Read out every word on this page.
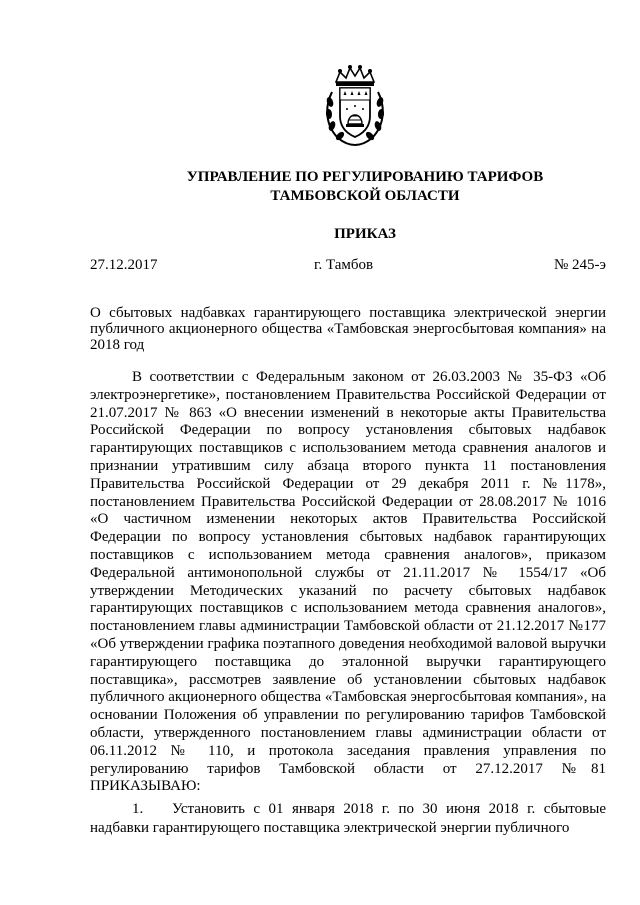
УПРАВЛЕНИЕ ПО РЕГУЛИРОВАНИЮ ТАРИФОВ
ТАМБОВСКОЙ ОБЛАСТИ
ПРИКАЗ
27.12.2017	г. Тамбов	№ 245-э
О сбытовых надбавках гарантирующего поставщика электрической энергии публичного акционерного общества «Тамбовская энергосбытовая компания» на 2018 год

В соответствии с Федеральным законом от 26.03.2003 № 35-ФЗ «Об электроэнергетике», постановлением Правительства Российской Федерации от 21.07.2017 № 863 «О внесении изменений в некоторые акты Правительства Российской Федерации по вопросу установления сбытовых надбавок гарантирующих поставщиков с использованием метода сравнения аналогов и признании утратившим силу абзаца второго пункта 11 постановления Правительства Российской Федерации от 29 декабря 2011 г. №1178», постановлением Правительства Российской Федерации от 28.08.2017 № 1016 «О частичном изменении некоторых актов Правительства Российской Федерации по вопросу установления сбытовых надбавок гарантирующих поставщиков с использованием метода сравнения аналогов», приказом Федеральной антимонопольной службы от 21.11.2017 № 1554/17 «Об утверждении Методических указаний по расчету сбытовых надбавок гарантирующих поставщиков с использованием метода сравнения аналогов», постановлением главы администрации Тамбовской области от 21.12.2017 №177 «Об утверждении графика поэтапного доведения необходимой валовой выручки гарантирующего поставщика до эталонной выручки гарантирующего поставщика», рассмотрев заявление об установлении сбытовых надбавок публичного акционерного общества «Тамбовская энергосбытовая компания», на основании Положения об управлении по регулированию тарифов Тамбовской области, утвержденного постановлением главы администрации области от 06.11.2012 № 110, и протокола заседания правления управления по регулированию тарифов Тамбовской области от 27.12.2017 №81 ПРИКАЗЫВАЮ:

1. Установить с 01 января 2018 г. по 30 июня 2018 г. сбытовые надбавки гарантирующего поставщика электрической энергии публичного
